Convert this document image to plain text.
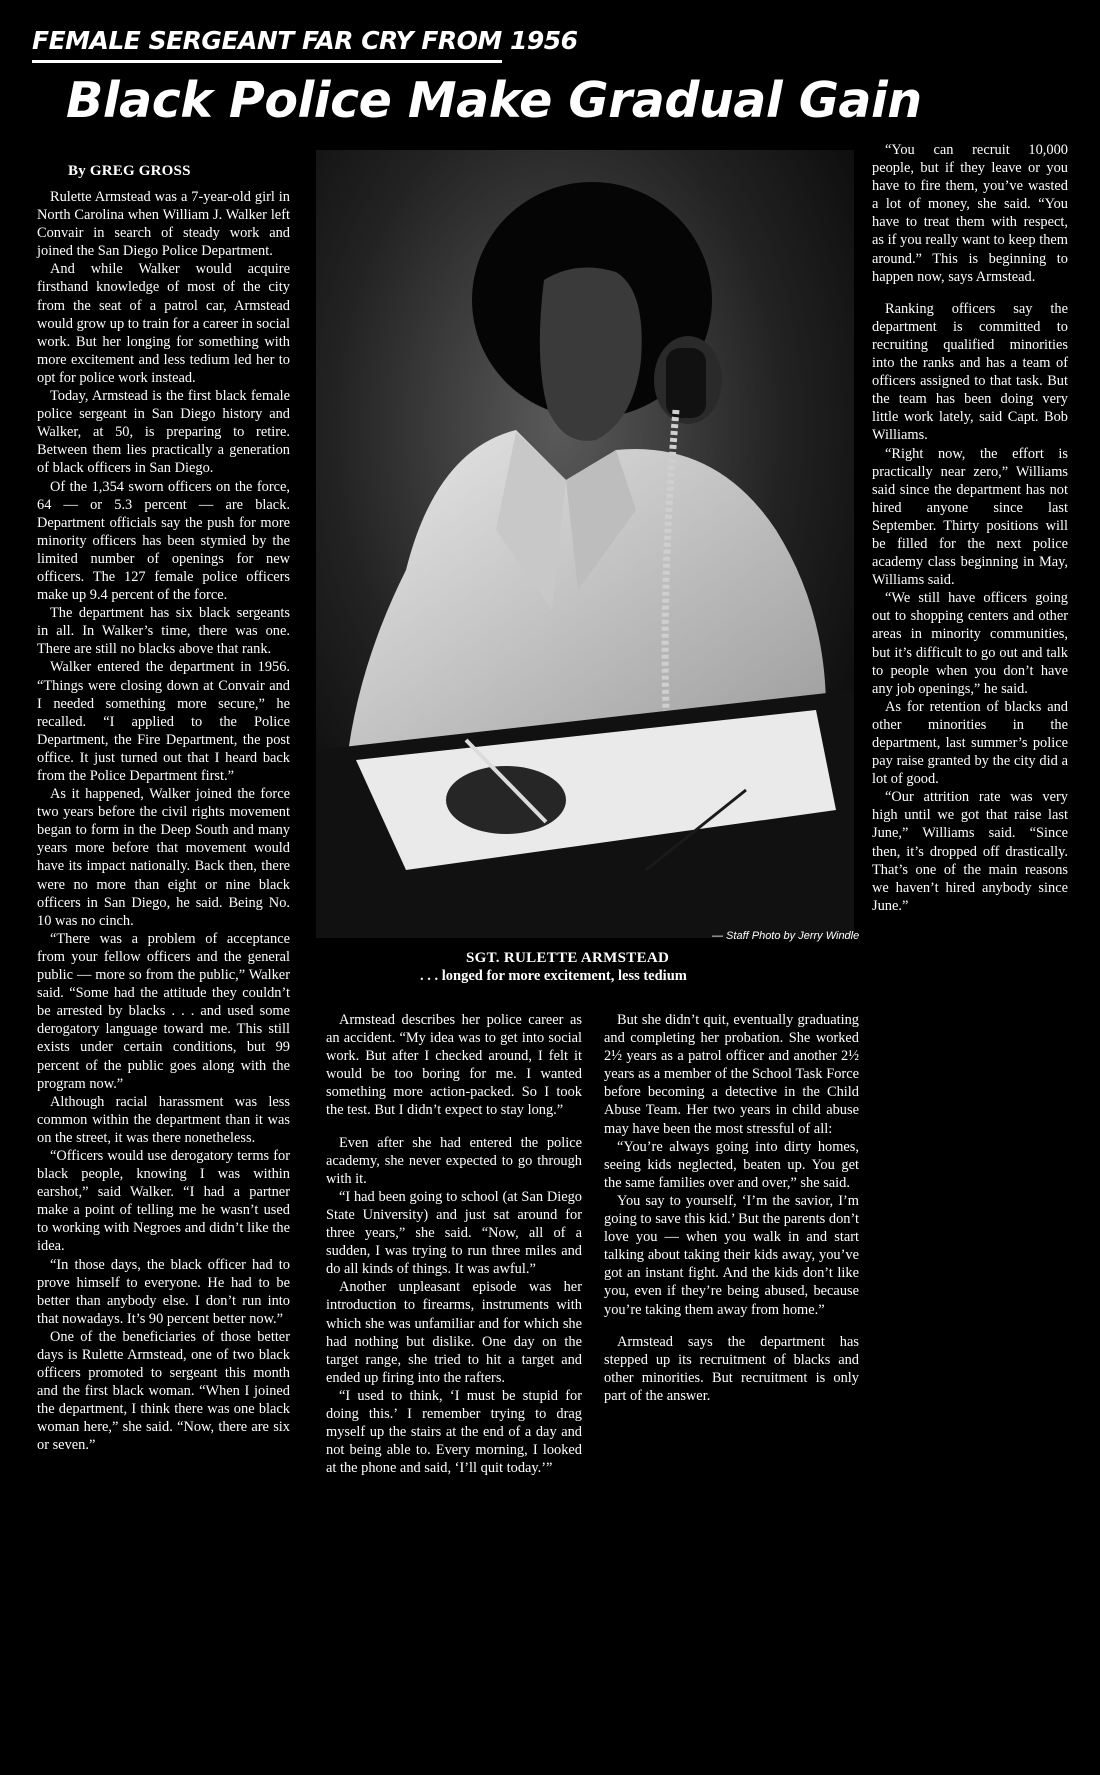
FEMALE SERGEANT FAR CRY FROM 1956
Black Police Make Gradual Gain
By GREG GROSS

Rulette Armstead was a 7-year-old girl in North Carolina when William J. Walker left Convair in search of steady work and joined the San Diego Police Department.

And while Walker would acquire firsthand knowledge of most of the city from the seat of a patrol car, Armstead would grow up to train for a career in social work. But her longing for something with more excitement and less tedium led her to opt for police work instead.

Today, Armstead is the first black female police sergeant in San Diego history and Walker, at 50, is preparing to retire. Between them lies practically a generation of black officers in San Diego.

Of the 1,354 sworn officers on the force, 64 — or 5.3 percent — are black. Department officials say the push for more minority officers has been stymied by the limited number of openings for new officers. The 127 female police officers make up 9.4 percent of the force.

The department has six black sergeants in all. In Walker’s time, there was one. There are still no blacks above that rank.

Walker entered the department in 1956. “Things were closing down at Convair and I needed something more secure,” he recalled. “I applied to the Police Department, the Fire Department, the post office. It just turned out that I heard back from the Police Department first.”

As it happened, Walker joined the force two years before the civil rights movement began to form in the Deep South and many years more before that movement would have its impact nationally. Back then, there were no more than eight or nine black officers in San Diego, he said. Being No. 10 was no cinch.

“There was a problem of acceptance from your fellow officers and the general public — more so from the public,” Walker said. “Some had the attitude they couldn’t be arrested by blacks . . . and used some derogatory language toward me. This still exists under certain conditions, but 99 percent of the public goes along with the program now.”

Although racial harassment was less common within the department than it was on the street, it was there nonetheless.

“Officers would use derogatory terms for black people, knowing I was within earshot,” said Walker. “I had a partner make a point of telling me he wasn’t used to working with Negroes and didn’t like the idea.

“In those days, the black officer had to prove himself to everyone. He had to be better than anybody else. I don’t run into that nowadays. It’s 90 percent better now.”

One of the beneficiaries of those better days is Rulette Armstead, one of two black officers promoted to sergeant this month and the first black woman. “When I joined the department, I think there was one black woman here,” she said. “Now, there are six or seven.”

— Staff Photo by Jerry Windle
SGT. RULETTE ARMSTEAD
. . . longed for more excitement, less tedium

Armstead describes her police career as an accident. “My idea was to get into social work. But after I checked around, I felt it would be too boring for me. I wanted something more action-packed. So I took the test. But I didn’t expect to stay long.”

Even after she had entered the police academy, she never expected to go through with it.

“I had been going to school (at San Diego State University) and just sat around for three years,” she said. “Now, all of a sudden, I was trying to run three miles and do all kinds of things. It was awful.”

Another unpleasant episode was her introduction to firearms, instruments with which she was unfamiliar and for which she had nothing but dislike. One day on the target range, she tried to hit a target and ended up firing into the rafters.

“I used to think, ‘I must be stupid for doing this.’ I remember trying to drag myself up the stairs at the end of a day and not being able to. Every morning, I looked at the phone and said, ‘I’ll quit today.’”

But she didn’t quit, eventually graduating and completing her probation. She worked 2½ years as a patrol officer and another 2½ years as a member of the School Task Force before becoming a detective in the Child Abuse Team. Her two years in child abuse may have been the most stressful of all:

“You’re always going into dirty homes, seeing kids neglected, beaten up. You get the same families over and over,” she said.

You say to yourself, ‘I’m the savior, I’m going to save this kid.’ But the parents don’t love you — when you walk in and start talking about taking their kids away, you’ve got an instant fight. And the kids don’t like you, even if they’re being abused, because you’re taking them away from home.”

Armstead says the department has stepped up its recruitment of blacks and other minorities. But recruitment is only part of the answer.

“You can recruit 10,000 people, but if they leave or you have to fire them, you’ve wasted a lot of money, she said. “You have to treat them with respect, as if you really want to keep them around.” This is beginning to happen now, says Armstead.

Ranking officers say the department is committed to recruiting qualified minorities into the ranks and has a team of officers assigned to that task. But the team has been doing very little work lately, said Capt. Bob Williams.

“Right now, the effort is practically near zero,” Williams said since the department has not hired anyone since last September. Thirty positions will be filled for the next police academy class beginning in May, Williams said.

“We still have officers going out to shopping centers and other areas in minority communities, but it’s difficult to go out and talk to people when you don’t have any job openings,” he said.

As for retention of blacks and other minorities in the department, last summer’s police pay raise granted by the city did a lot of good.

“Our attrition rate was very high until we got that raise last June,” Williams said. “Since then, it’s dropped off drastically. That’s one of the main reasons we haven’t hired anybody since June.”
